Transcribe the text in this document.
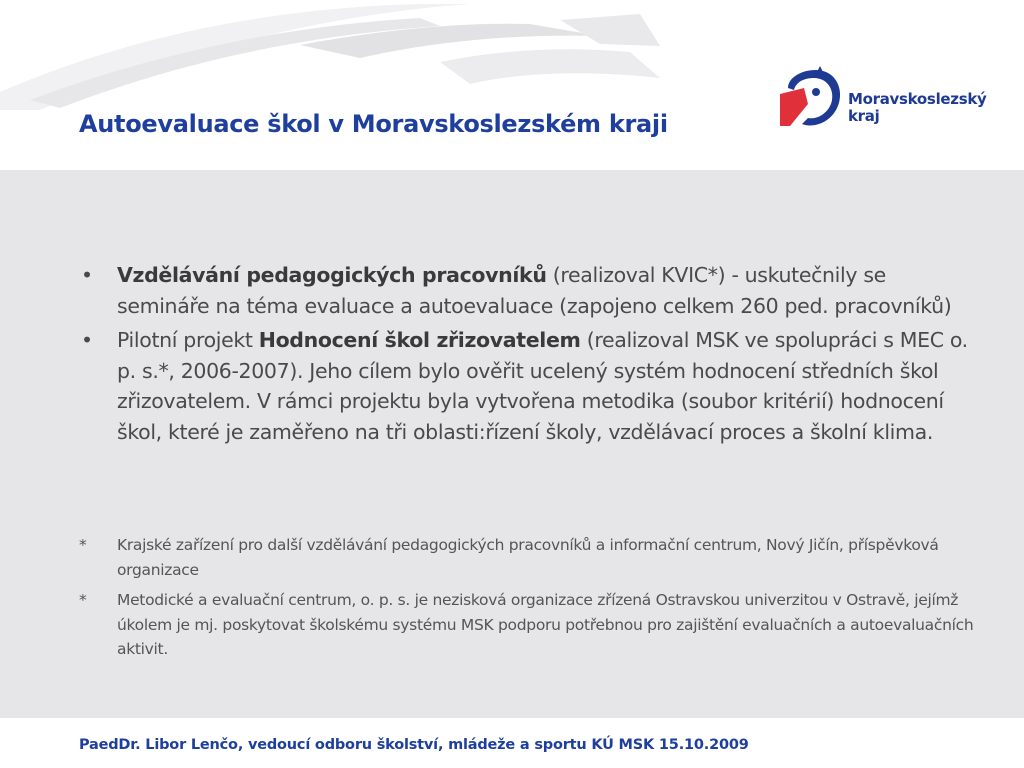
Autoevaluace škol v Moravskoslezském kraji
Moravskoslezský
kraj
• Vzdělávání pedagogických pracovníků (realizoval KVIC*) - uskutečnily se semináře na téma evaluace a autoevaluace (zapojeno celkem 260 ped. pracovníků)
• Pilotní projekt Hodnocení škol zřizovatelem (realizoval MSK ve spolupráci s MEC o. p. s.*, 2006-2007). Jeho cílem bylo ověřit ucelený systém hodnocení středních škol zřizovatelem. V rámci projektu byla vytvořena metodika (soubor kritérií) hodnocení škol, které je zaměřeno na tři oblasti:řízení školy, vzdělávací proces a školní klima.
* Krajské zařízení pro další vzdělávání pedagogických pracovníků a informační centrum, Nový Jičín, příspěvková organizace
* Metodické a evaluační centrum, o. p. s. je nezisková organizace zřízená Ostravskou univerzitou v Ostravě, jejímž úkolem je mj. poskytovat školskému systému MSK podporu potřebnou pro zajištění evaluačních a autoevaluačních aktivit.
PaedDr. Libor Lenčo, vedoucí odboru školství, mládeže a sportu KÚ MSK 15.10.2009
